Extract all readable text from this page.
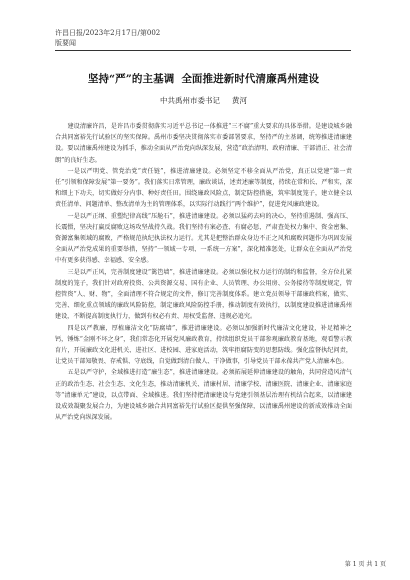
许昌日报/2023年2月17日/第002
版要闻
坚持“严”的主基调 全面推进新时代清廉禹州建设
中共禹州市委书记 黄河

建设清廉许昌，是许昌市委贯彻落实习近平总书记一体推进“三不腐”重大要求的具体举措。是建设城乡融合共同富裕先行试验区的坚实保障。禹州市委坚决贯彻落实市委部署要求，坚持严的主基调，统筹推进清廉建设。要以清廉禹州建设为抓手，推动全面从严治党向纵深发展，营造“政治清明、政府清廉、干部清正、社会清朗”的良好生态。

一是以严明党、管党治党“责任链”，推进清廉建设。必须坚定不移全面从严治党，真正以党建“第一责任”引领和保障发展“第一要务”。我们落实日常管理，廉政谈话，述责述廉等制度，持续在常和长、严和实，深和细上下功夫，切实做好分内事、种好责任田。围绕廉政风险点，制定防控措施，筑牢制度笼子，建立健全以责任清单、问题清单、整改清单为主的管理体系，以实际行动践行“两个维护”，促进党风廉政建设。

一是以严正纲、重塑纪律高线“压舱石”，推进清廉建设。必须以猛药去疴的决心，坚持重遏制、强高压、长震慑，坚决打赢反腐败这场攻坚战持久战。我们坚持有案必查、有腐必惩，严肃查处权力集中、资金密集、资源富集领域的腐败，严格规范执纪执法权力运行。尤其是把整治群众身边不正之风和腐败问题作为巩固发展全面从严治党成果的重要举措，坚持“一领域一专项、一系统一方案”，深化精准惩处，让群众在全面从严治党中有更多获得感、幸福感、安全感。

三是以严正风，完善制度建设“篱笆墙”，推进清廉建设。必须以强化权力运行的制约和监督，全方位扎紧制度的笼子，我们针对政府投资、公共资源交易、国有企业、人员管理、办公用房、公务接待等制度规定，管控管资“人、财、物”，全面清理不符合规定的文件，修订完善制度体系。建立党员领导干部廉政档案，做实、完善、细化重点领域的廉政风险防控，制定廉政风险防控手册，推动制度有效执行，以制度建设推进清廉禹州建设，不断提高制度执行力，做到有权必有责、用权受监督、违规必追究。

四是以严教廉，厚植廉洁文化“防腐墙”，推进清廉建设。必须以加强新时代廉洁文化建设，补足精神之钙，锤炼“金刚不坏之身”，我们常态化开展党风廉政教育，持续组织党员干部参观廉政教育基地，观看警示教育片，开展廉政文化进机关、进社区、进校园、进家庭活动，筑牢拒腐防变的思想防线。强化监督执纪问责，让党员干部知敬畏、存戒惧、守底线，自觉做到清白做人、干净做事，引导党员干部永葆共产党人清廉本色。

五是以严守护，全域推进打造“廉生态”，推进清廉建设。必须拓展延伸清廉建设的触角，共同营造风清气正的政治生态、社会生态、文化生态，推动清廉机关、清廉村居、清廉学校、清廉医院、清廉企业、清廉家庭等“清廉单元”建设，以点带面、全域推进。我们坚持把清廉建设与党建引领基层治理有机结合起来，以清廉建设成效凝聚发展合力，为建设城乡融合共同富裕先行试验区提供坚强保障，以清廉禹州建设的新成效推动全面从严治党向纵深发展。

第 1 页 共 1 页
